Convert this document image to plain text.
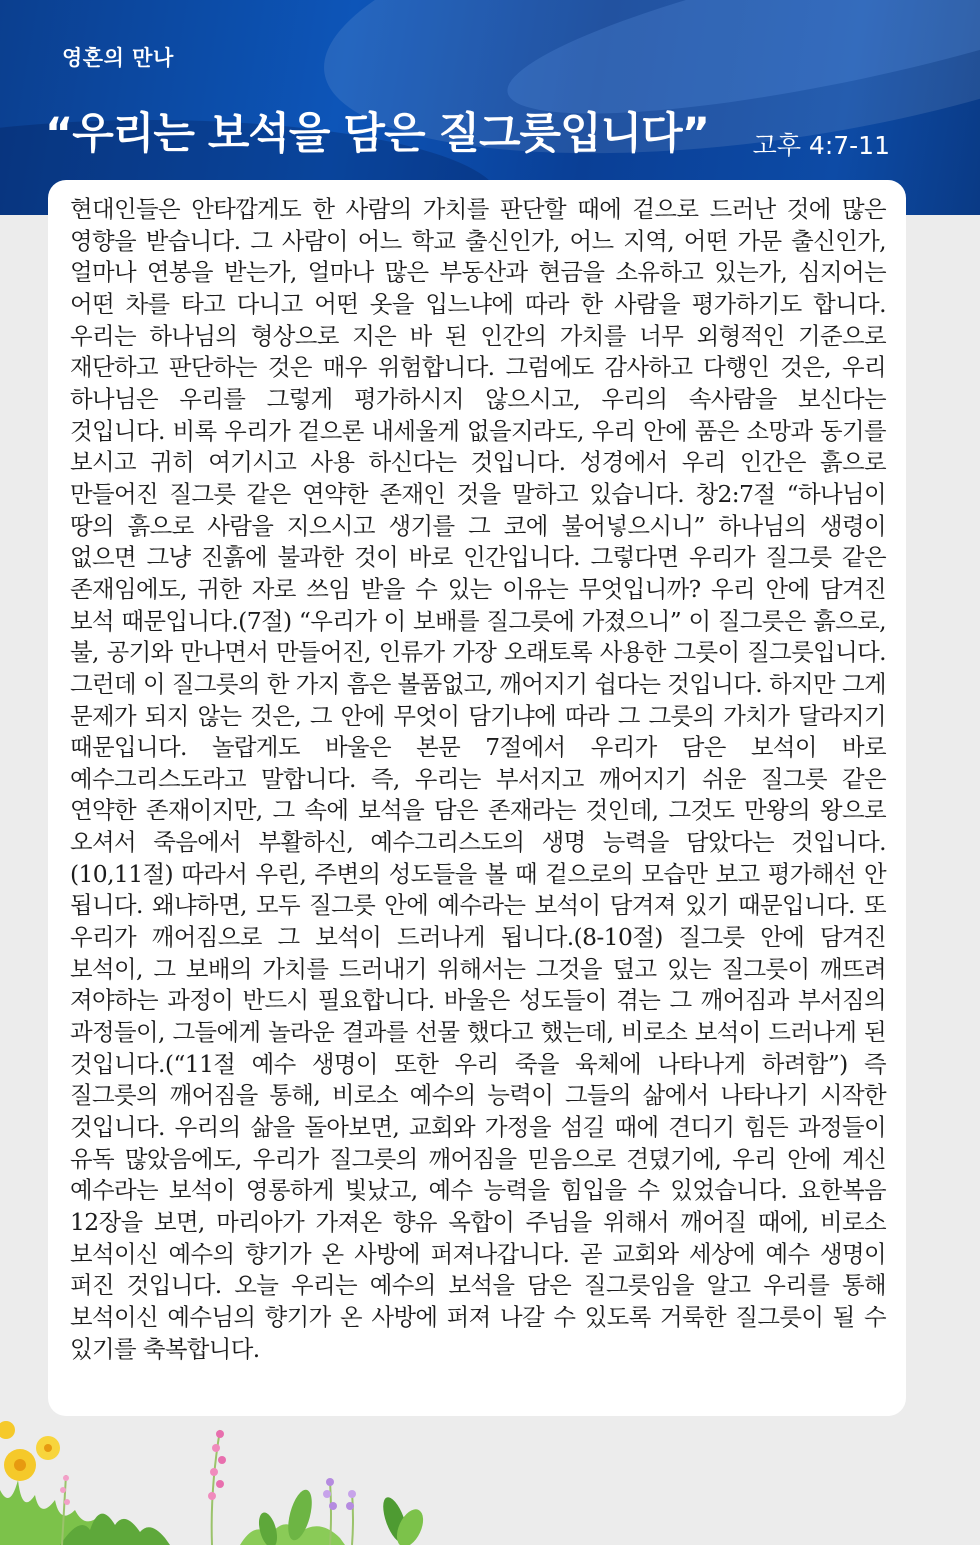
영혼의 만나
“우리는 보석을 담은 질그릇입니다” 고후 4:7-11

현대인들은 안타깝게도 한 사람의 가치를 판단할 때에 겉으로 드러난 것에 많은 영향을 받습니다. 그 사람이 어느 학교 출신인가, 어느 지역, 어떤 가문 출신인가, 얼마나 연봉을 받는가, 얼마나 많은 부동산과 현금을 소유하고 있는가, 심지어는 어떤 차를 타고 다니고 어떤 옷을 입느냐에 따라 한 사람을 평가하기도 합니다. 우리는 하나님의 형상으로 지은 바 된 인간의 가치를 너무 외형적인 기준으로 재단하고 판단하는 것은 매우 위험합니다. 그럼에도 감사하고 다행인 것은, 우리 하나님은 우리를 그렇게 평가하시지 않으시고, 우리의 속사람을 보신다는 것입니다. 비록 우리가 겉으론 내세울게 없을지라도, 우리 안에 품은 소망과 동기를 보시고 귀히 여기시고 사용 하신다는 것입니다. 성경에서 우리 인간은 흙으로 만들어진 질그릇 같은 연약한 존재인 것을 말하고 있습니다. 창2:7절 “하나님이 땅의 흙으로 사람을 지으시고 생기를 그 코에 불어넣으시니” 하나님의 생령이 없으면 그냥 진흙에 불과한 것이 바로 인간입니다. 그렇다면 우리가 질그릇 같은 존재임에도, 귀한 자로 쓰임 받을 수 있는 이유는 무엇입니까? 우리 안에 담겨진 보석 때문입니다.(7절) “우리가 이 보배를 질그릇에 가졌으니” 이 질그릇은 흙으로, 불, 공기와 만나면서 만들어진, 인류가 가장 오래토록 사용한 그릇이 질그릇입니다. 그런데 이 질그릇의 한 가지 흠은 볼품없고, 깨어지기 쉽다는 것입니다. 하지만 그게 문제가 되지 않는 것은, 그 안에 무엇이 담기냐에 따라 그 그릇의 가치가 달라지기 때문입니다. 놀랍게도 바울은 본문 7절에서 우리가 담은 보석이 바로 예수그리스도라고 말합니다. 즉, 우리는 부서지고 깨어지기 쉬운 질그릇 같은 연약한 존재이지만, 그 속에 보석을 담은 존재라는 것인데, 그것도 만왕의 왕으로 오셔서 죽음에서 부활하신, 예수그리스도의 생명 능력을 담았다는 것입니다.(10,11절) 따라서 우린, 주변의 성도들을 볼 때 겉으로의 모습만 보고 평가해선 안 됩니다. 왜냐하면, 모두 질그릇 안에 예수라는 보석이 담겨져 있기 때문입니다. 또 우리가 깨어짐으로 그 보석이 드러나게 됩니다.(8-10절) 질그릇 안에 담겨진 보석이, 그 보배의 가치를 드러내기 위해서는 그것을 덮고 있는 질그릇이 깨뜨려 져야하는 과정이 반드시 필요합니다. 바울은 성도들이 겪는 그 깨어짐과 부서짐의 과정들이, 그들에게 놀라운 결과를 선물 했다고 했는데, 비로소 보석이 드러나게 된 것입니다.(“11절 예수 생명이 또한 우리 죽을 육체에 나타나게 하려함”) 즉 질그릇의 깨어짐을 통해, 비로소 예수의 능력이 그들의 삶에서 나타나기 시작한 것입니다. 우리의 삶을 돌아보면, 교회와 가정을 섬길 때에 견디기 힘든 과정들이 유독 많았음에도, 우리가 질그릇의 깨어짐을 믿음으로 견뎠기에, 우리 안에 계신 예수라는 보석이 영롱하게 빛났고, 예수 능력을 힘입을 수 있었습니다. 요한복음 12장을 보면, 마리아가 가져온 향유 옥합이 주님을 위해서 깨어질 때에, 비로소 보석이신 예수의 향기가 온 사방에 퍼져나갑니다. 곧 교회와 세상에 예수 생명이 퍼진 것입니다. 오늘 우리는 예수의 보석을 담은 질그릇임을 알고 우리를 통해 보석이신 예수님의 향기가 온 사방에 퍼져 나갈 수 있도록 거룩한 질그릇이 될 수 있기를 축복합니다.
